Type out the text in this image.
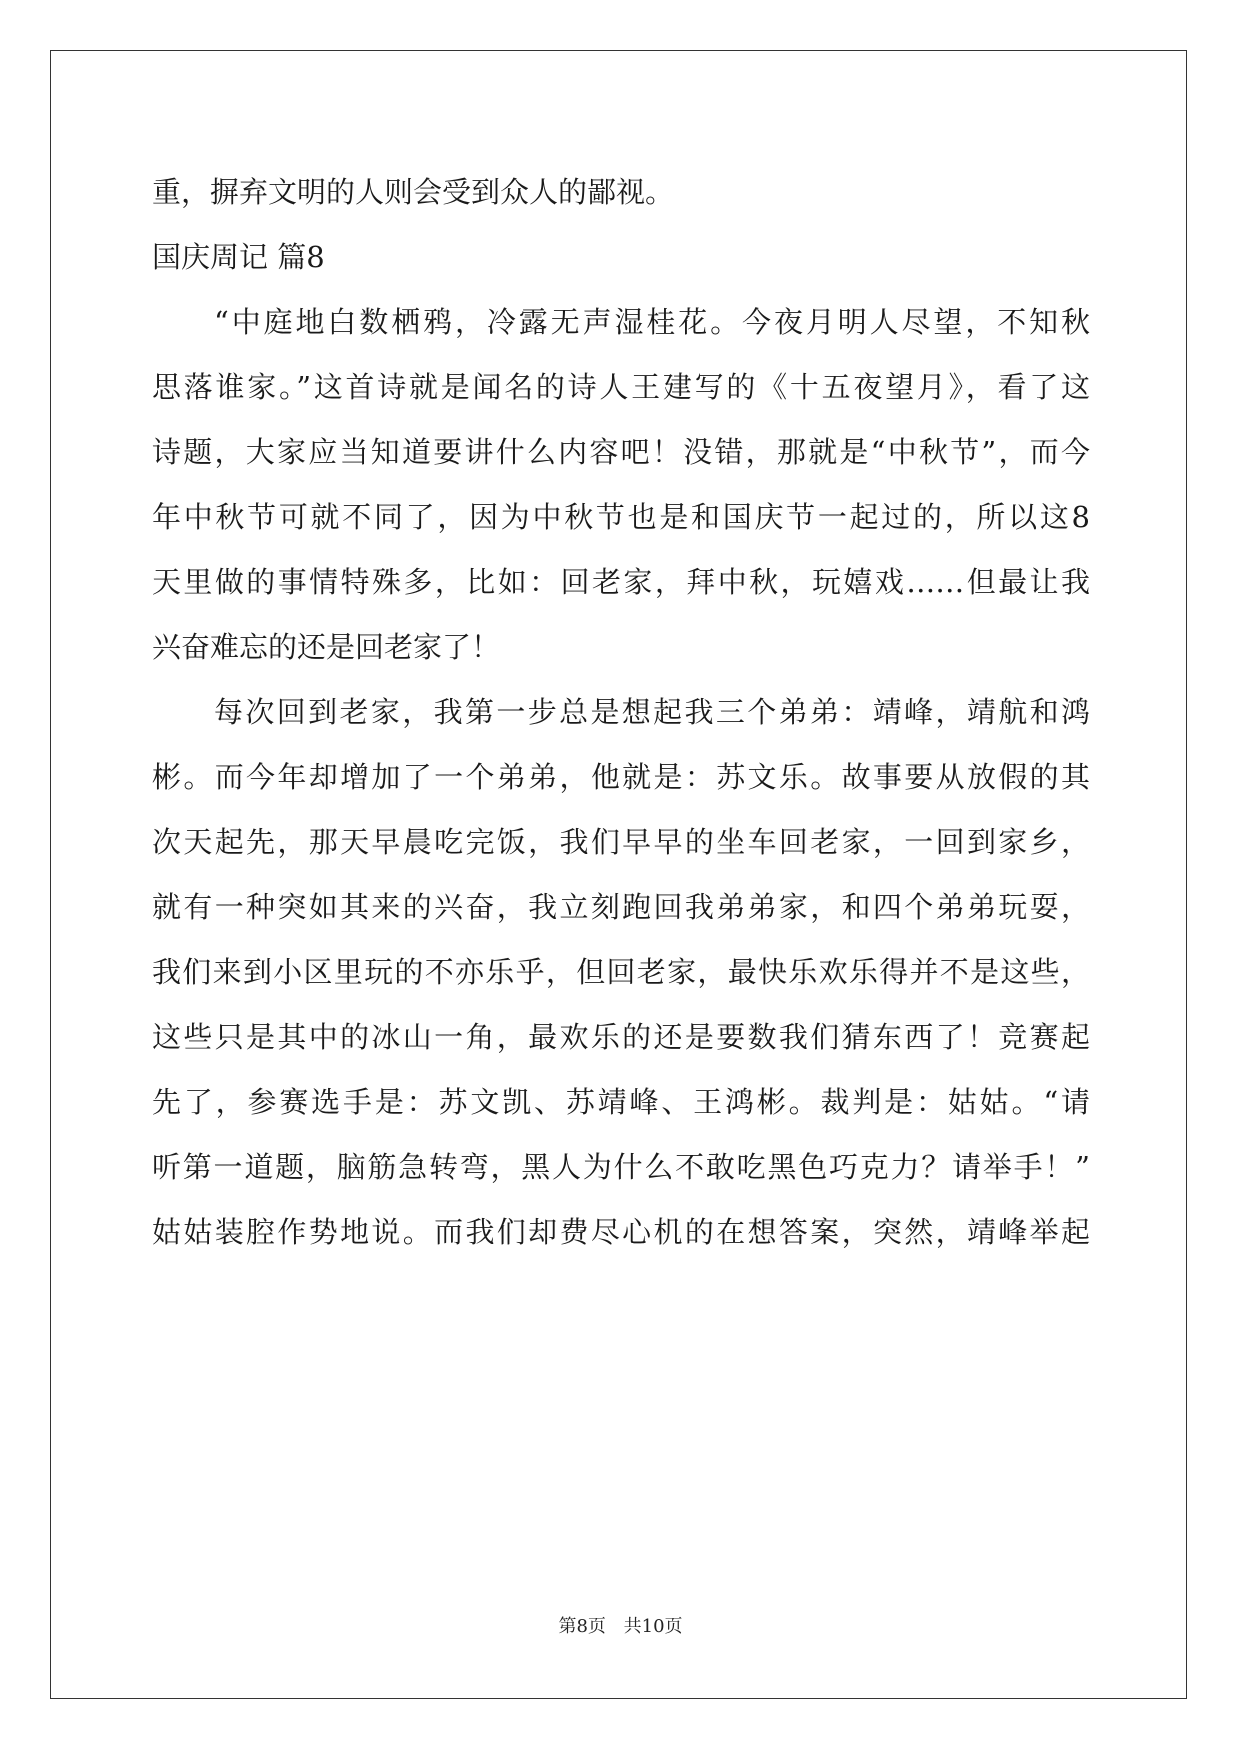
重，摒弃文明的人则会受到众人的鄙视。

国庆周记 篇8

“中庭地白数栖鸦，冷露无声湿桂花。今夜月明人尽望，不知秋

思落谁家。”这首诗就是闻名的诗人王建写的《十五夜望月》，看了这

诗题，大家应当知道要讲什么内容吧！没错，那就是“中秋节”，而今

年中秋节可就不同了，因为中秋节也是和国庆节一起过的，所以这8

天里做的事情特殊多，比如：回老家，拜中秋，玩嬉戏……但最让我

兴奋难忘的还是回老家了！

每次回到老家，我第一步总是想起我三个弟弟：靖峰，靖航和鸿

彬。而今年却增加了一个弟弟，他就是：苏文乐。故事要从放假的其

次天起先，那天早晨吃完饭，我们早早的坐车回老家，一回到家乡，

就有一种突如其来的兴奋，我立刻跑回我弟弟家，和四个弟弟玩耍，

我们来到小区里玩的不亦乐乎，但回老家，最快乐欢乐得并不是这些，

这些只是其中的冰山一角，最欢乐的还是要数我们猜东西了！竞赛起

先了，参赛选手是：苏文凯、苏靖峰、王鸿彬。裁判是：姑姑。“请

听第一道题，脑筋急转弯，黑人为什么不敢吃黑色巧克力？请举手！”

姑姑装腔作势地说。而我们却费尽心机的在想答案，突然，靖峰举起

第8页 共10页
